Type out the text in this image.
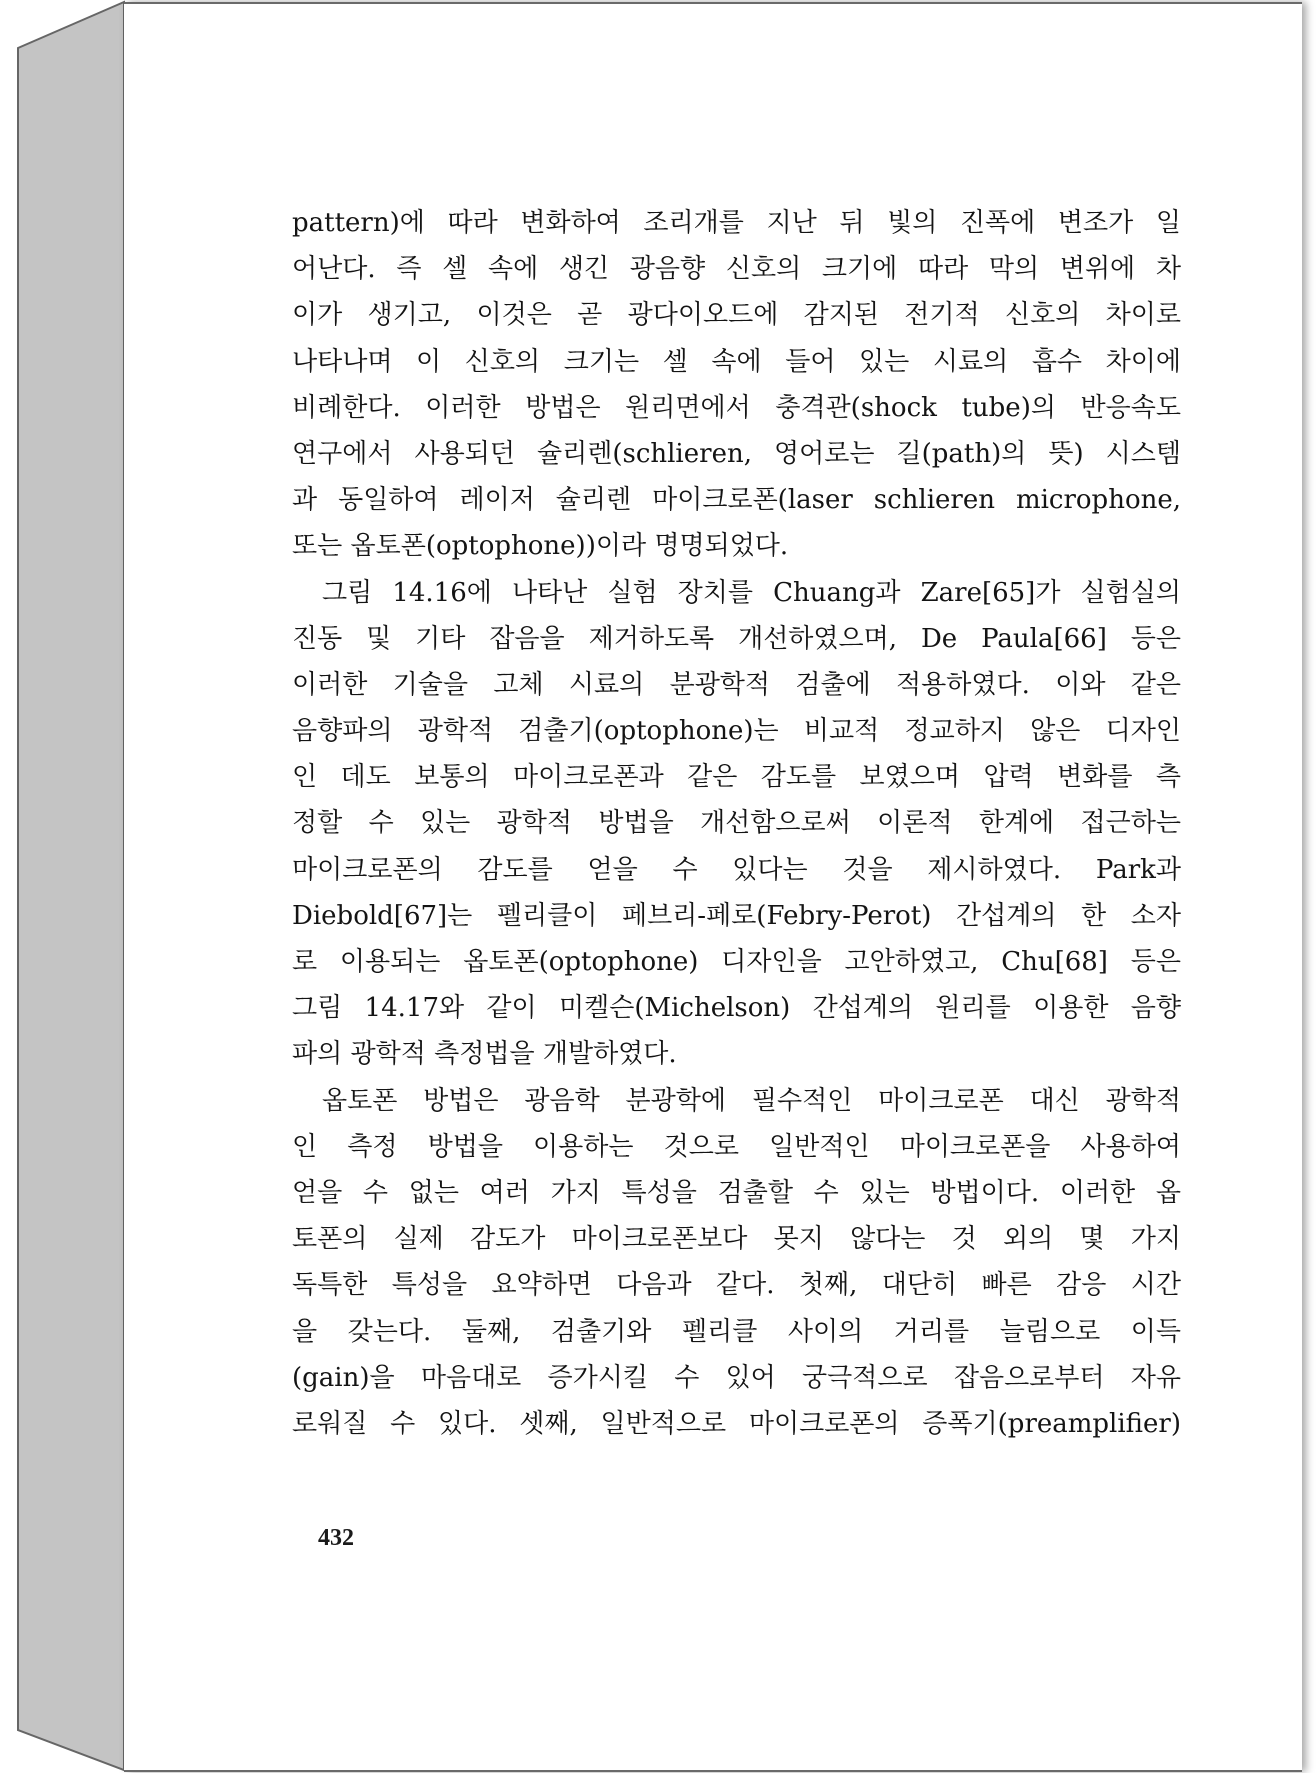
pattern)에 따라 변화하여 조리개를 지난 뒤 빛의 진폭에 변조가 일
어난다. 즉 셀 속에 생긴 광음향 신호의 크기에 따라 막의 변위에 차
이가 생기고, 이것은 곧 광다이오드에 감지된 전기적 신호의 차이로
나타나며 이 신호의 크기는 셀 속에 들어 있는 시료의 흡수 차이에
비례한다. 이러한 방법은 원리면에서 충격관(shock tube)의 반응속도
연구에서 사용되던 슐리렌(schlieren, 영어로는 길(path)의 뜻) 시스템
과 동일하여 레이저 슐리렌 마이크로폰(laser schlieren microphone,
또는 옵토폰(optophone))이라 명명되었다.
그림 14.16에 나타난 실험 장치를 Chuang과 Zare[65]가 실험실의
진동 및 기타 잡음을 제거하도록 개선하였으며, De Paula[66] 등은
이러한 기술을 고체 시료의 분광학적 검출에 적용하였다. 이와 같은
음향파의 광학적 검출기(optophone)는 비교적 정교하지 않은 디자인
인 데도 보통의 마이크로폰과 같은 감도를 보였으며 압력 변화를 측
정할 수 있는 광학적 방법을 개선함으로써 이론적 한계에 접근하는
마이크로폰의 감도를 얻을 수 있다는 것을 제시하였다. Park과
Diebold[67]는 펠리클이 페브리-페로(Febry-Perot) 간섭계의 한 소자
로 이용되는 옵토폰(optophone) 디자인을 고안하였고, Chu[68] 등은
그림 14.17와 같이 미켈슨(Michelson) 간섭계의 원리를 이용한 음향
파의 광학적 측정법을 개발하였다.
옵토폰 방법은 광음학 분광학에 필수적인 마이크로폰 대신 광학적
인 측정 방법을 이용하는 것으로 일반적인 마이크로폰을 사용하여
얻을 수 없는 여러 가지 특성을 검출할 수 있는 방법이다. 이러한 옵
토폰의 실제 감도가 마이크로폰보다 못지 않다는 것 외의 몇 가지
독특한 특성을 요약하면 다음과 같다. 첫째, 대단히 빠른 감응 시간
을 갖는다. 둘째, 검출기와 펠리클 사이의 거리를 늘림으로 이득
(gain)을 마음대로 증가시킬 수 있어 궁극적으로 잡음으로부터 자유
로워질 수 있다. 셋째, 일반적으로 마이크로폰의 증폭기(preamplifier)
432
